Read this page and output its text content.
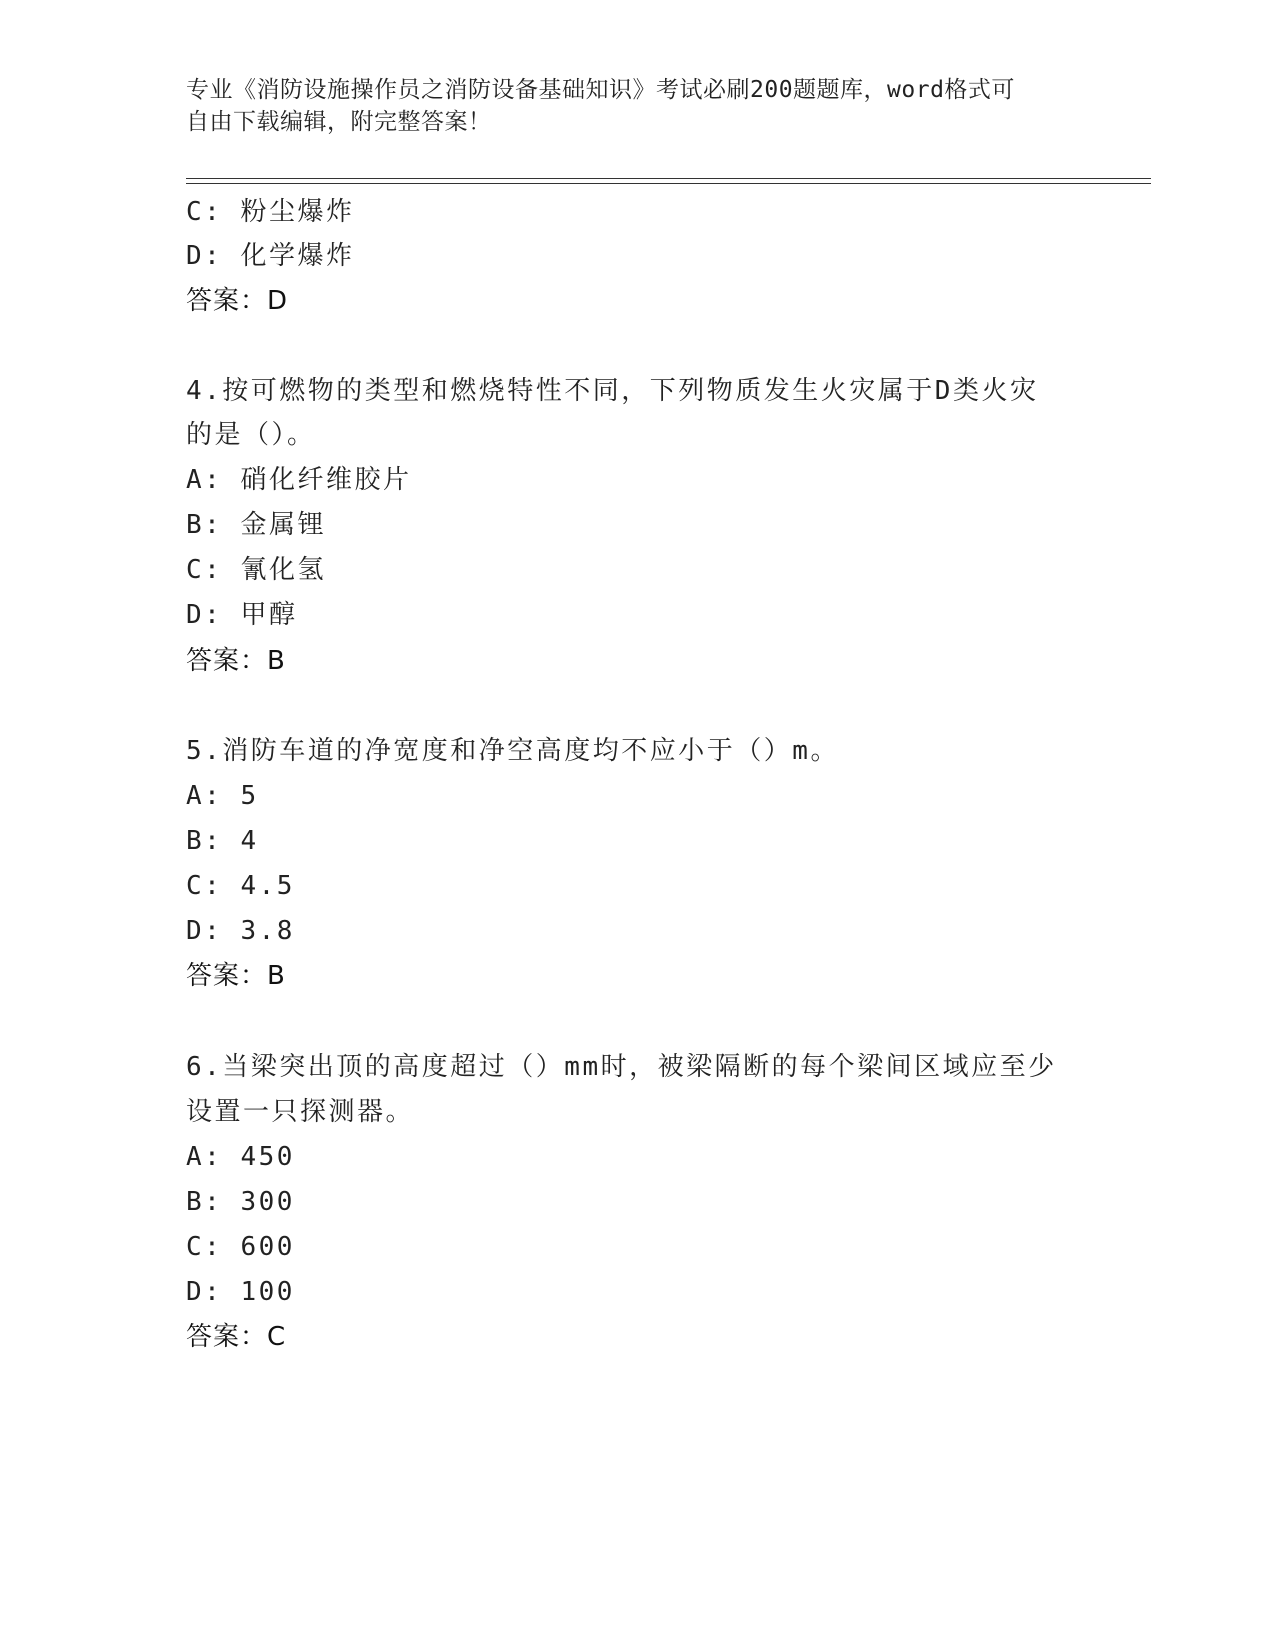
专业《消防设施操作员之消防设备基础知识》考试必刷200题题库，word格式可
自由下载编辑，附完整答案！
C: 粉尘爆炸
D: 化学爆炸
答案：D
4.按可燃物的类型和燃烧特性不同，下列物质发生火灾属于D类火灾
的是（）。
A: 硝化纤维胶片
B: 金属锂
C: 氰化氢
D: 甲醇
答案：B
5.消防车道的净宽度和净空高度均不应小于（）m。
A: 5
B: 4
C: 4.5
D: 3.8
答案：B
6.当梁突出顶的高度超过（）mm时，被梁隔断的每个梁间区域应至少
设置一只探测器。
A: 450
B: 300
C: 600
D: 100
答案：C
